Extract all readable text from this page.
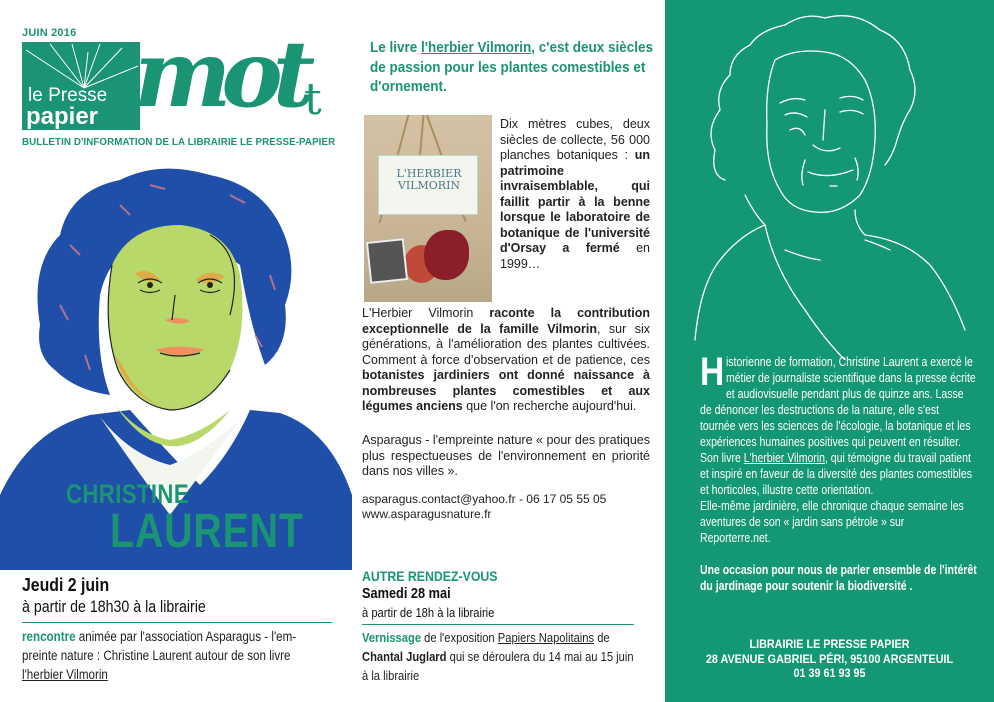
JUIN 2016
le Presse
papier mot
t
BULLETIN D'INFORMATION DE LA LIBRAIRIE LE PRESSE-PAPIER
CHRISTINE
LAURENT
Jeudi 2 juin
à partir de 18h30 à la librairie
rencontre animée par l'association Asparagus - l'em-preinte nature : Christine Laurent autour de son livre l'herbier Vilmorin
Le livre l'herbier Vilmorin, c'est deux siècles de passion pour les plantes comestibles et d'ornement.
L'HERBIER
VILMORIN
Dix mètres cubes, deux siècles de collecte, 56 000 planches botaniques : un patrimoine invraisemblable, qui faillit partir à la benne lorsque le laboratoire de botanique de l'université d'Orsay a fermé en 1999…
L'Herbier Vilmorin raconte la contribution exceptionnelle de la famille Vilmorin, sur six générations, à l'amélioration des plantes cultivées. Comment à force d'observation et de patience, ces botanistes jardiniers ont donné naissance à nombreuses plantes comestibles et aux légumes anciens que l'on recherche aujourd'hui.
Asparagus - l'empreinte nature « pour des pratiques plus respectueuses de l'environnement en priorité dans nos villes ».
asparagus.contact@yahoo.fr - 06 17 05 55 05
www.asparagusnature.fr
AUTRE RENDEZ-VOUS
Samedi 28 mai
à partir de 18h à la librairie
Vernissage de l'exposition Papiers Napolitains de Chantal Juglard qui se déroulera du 14 mai au 15 juin à la librairie
Historienne de formation, Christine Laurent a exercé le métier de journaliste scientifique dans la presse écrite et audiovisuelle pendant plus de quinze ans. Lasse de dénoncer les destructions de la nature, elle s'est tournée vers les sciences de l'écologie, la botanique et les expériences humaines positives qui peuvent en résulter.
Son livre L'herbier Vilmorin, qui témoigne du travail patient et inspiré en faveur de la diversité des plantes comestibles et horticoles, illustre cette orientation.
Elle-même jardinière, elle chronique chaque semaine les aventures de son « jardin sans pétrole » sur Reporterre.net.
Une occasion pour nous de parler ensemble de l'intérêt du jardinage pour soutenir la biodiversité .
LIBRAIRIE LE PRESSE PAPIER
28 AVENUE GABRIEL PÉRI, 95100 ARGENTEUIL
01 39 61 93 95
